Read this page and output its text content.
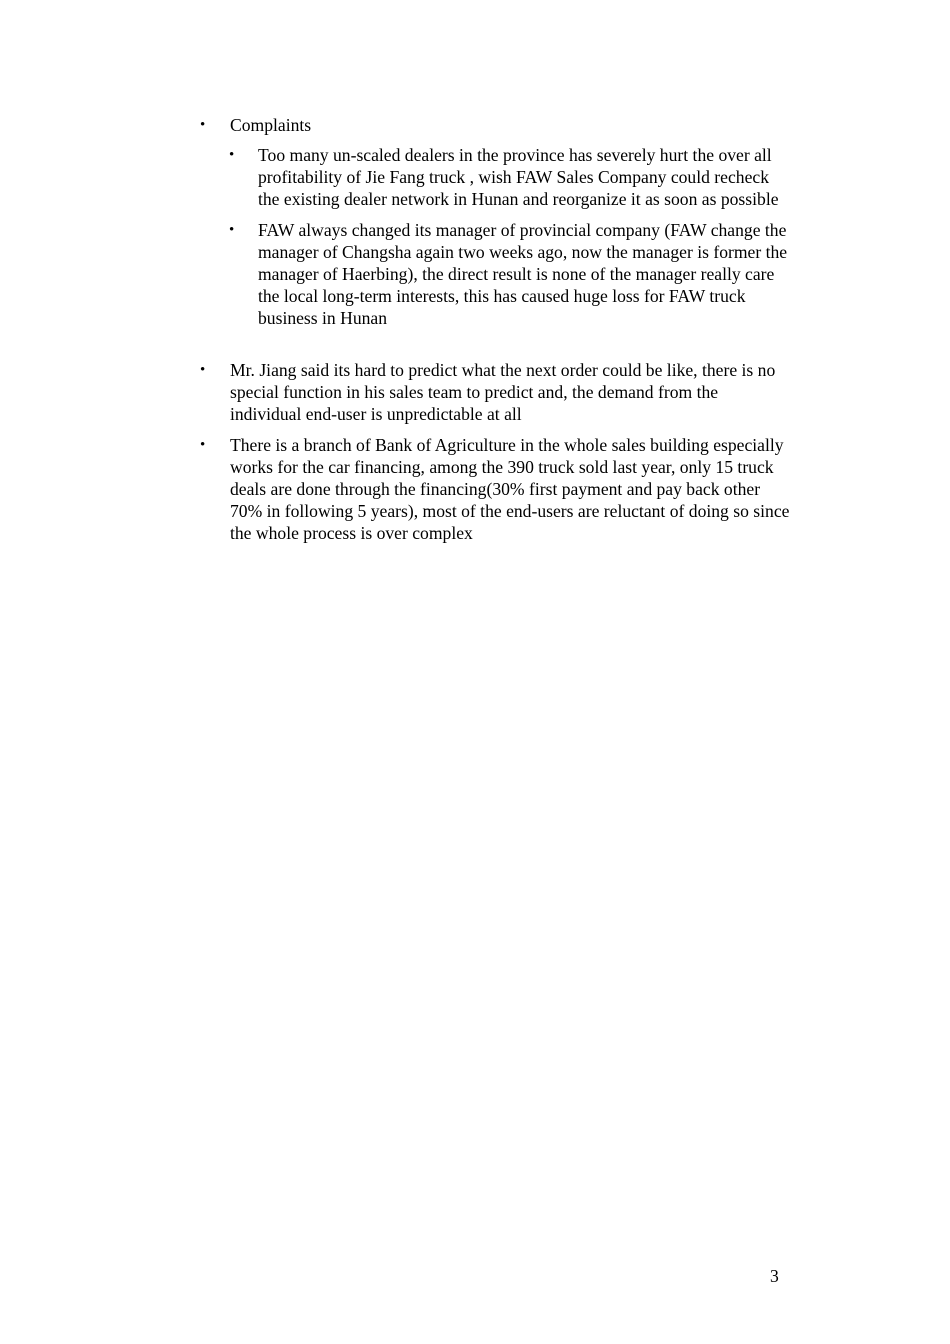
• Complaints
• Too many un-scaled dealers in the province has severely hurt the over all profitability of Jie Fang truck , wish FAW Sales Company could recheck the existing dealer network in Hunan and reorganize it as soon as possible
• FAW always changed its manager of provincial company (FAW change the manager of Changsha again two weeks ago, now the manager is former the manager of Haerbing), the direct result is none of the manager really care the local long-term interests, this has caused huge loss for FAW truck business in Hunan
• Mr. Jiang said its hard to predict what the next order could be like, there is no special function in his sales team to predict and, the demand from the individual end-user is unpredictable at all
• There is a branch of Bank of Agriculture in the whole sales building especially works for the car financing, among the 390 truck sold last year, only 15 truck deals are done through the financing(30% first payment and pay back other 70% in following 5 years), most of the end-users are reluctant of doing so since the whole process is over complex
3
